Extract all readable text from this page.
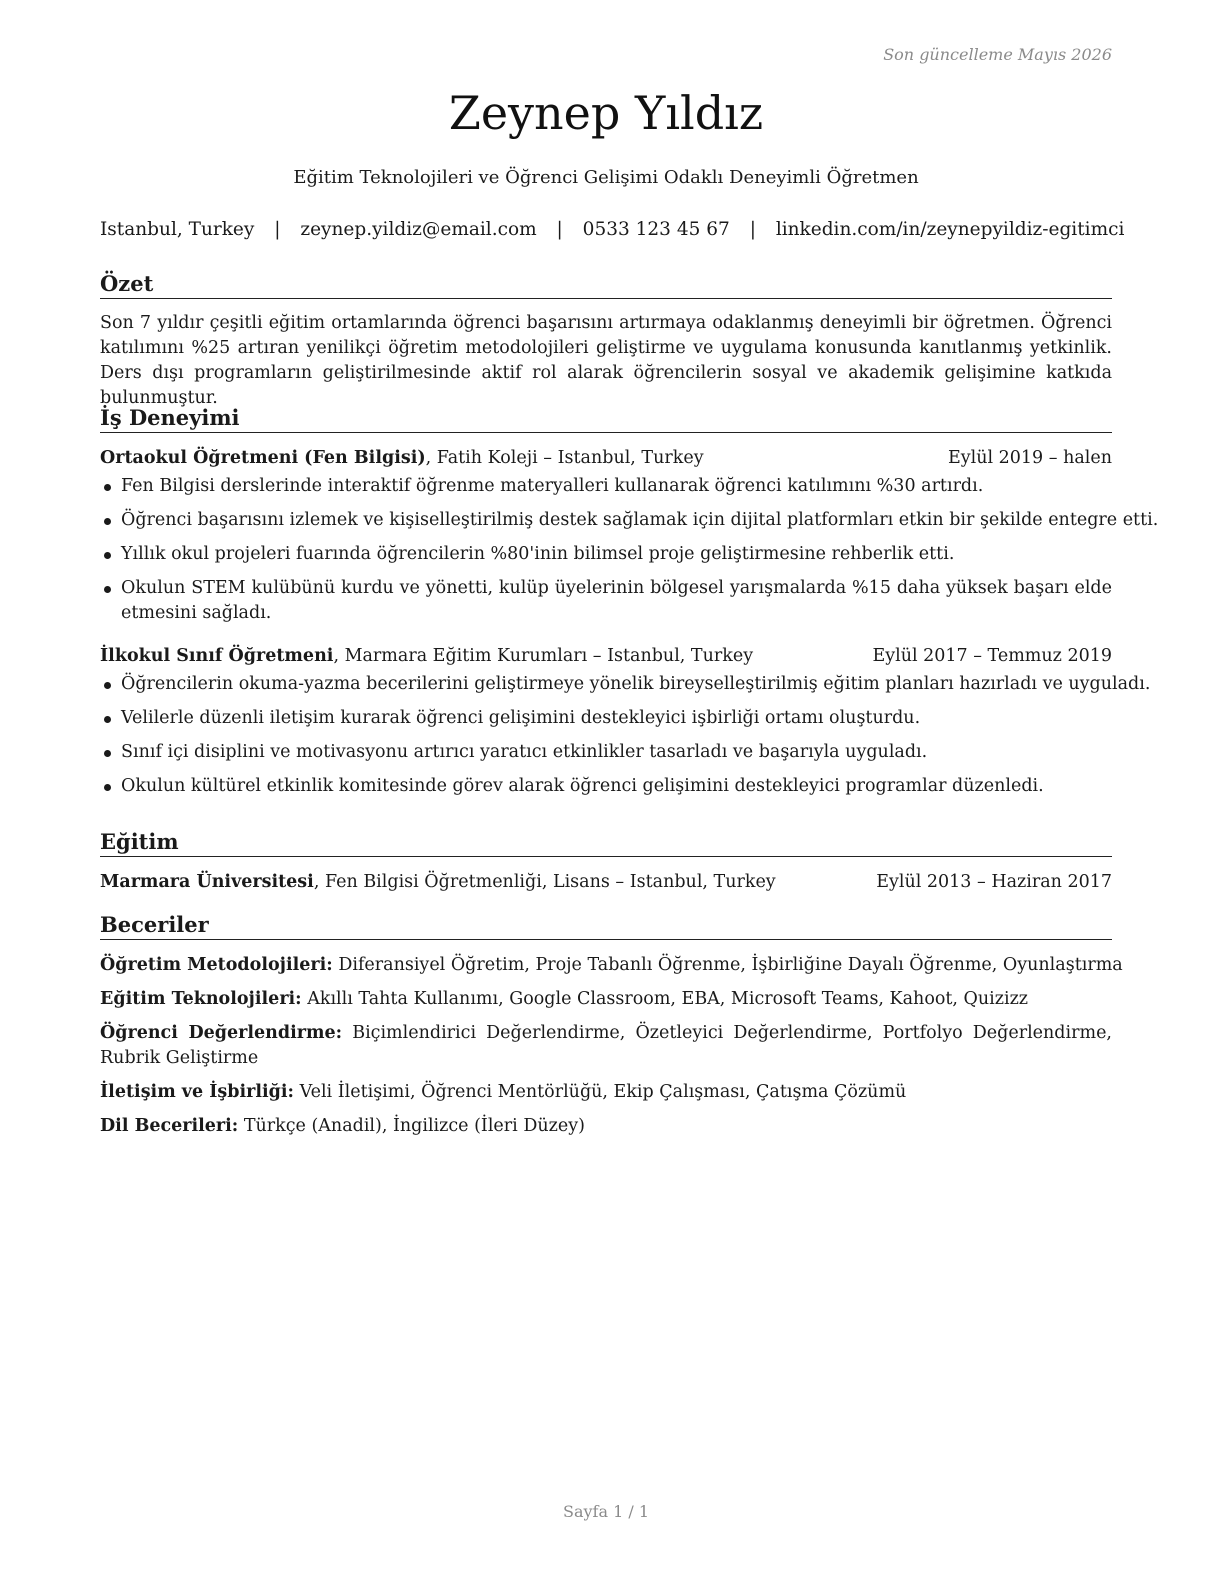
Son güncelleme Mayıs 2026
Zeynep Yıldız
Eğitim Teknolojileri ve Öğrenci Gelişimi Odaklı Deneyimli Öğretmen
Istanbul, Turkey | zeynep.yildiz@email.com | 0533 123 45 67 | linkedin.com/in/zeynepyildiz-egitimci
Özet

Son 7 yıldır çeşitli eğitim ortamlarında öğrenci başarısını artırmaya odaklanmış deneyimli bir öğretmen. Öğrenci katılımını %25 artıran yenilikçi öğretim metodolojileri geliştirme ve uygulama konusunda kanıtlanmış yetkinlik. Ders dışı programların geliştirilmesinde aktif rol alarak öğrencilerin sosyal ve akademik gelişimine katkıda bulunmuştur.

İş Deneyimi
Ortaokul Öğretmeni (Fen Bilgisi), Fatih Koleji – Istanbul, Turkey	Eylül 2019 – halen
Fen Bilgisi derslerinde interaktif öğrenme materyalleri kullanarak öğrenci katılımını %30 artırdı.
Öğrenci başarısını izlemek ve kişiselleştirilmiş destek sağlamak için dijital platformları etkin bir şekilde entegre etti.
Yıllık okul projeleri fuarında öğrencilerin %80'inin bilimsel proje geliştirmesine rehberlik etti.
Okulun STEM kulübünü kurdu ve yönetti, kulüp üyelerinin bölgesel yarışmalarda %15 daha yüksek başarı elde etmesini sağladı.
İlkokul Sınıf Öğretmeni, Marmara Eğitim Kurumları – Istanbul, Turkey	Eylül 2017 – Temmuz 2019
Öğrencilerin okuma-yazma becerilerini geliştirmeye yönelik bireyselleştirilmiş eğitim planları hazırladı ve uyguladı.
Velilerle düzenli iletişim kurarak öğrenci gelişimini destekleyici işbirliği ortamı oluşturdu.
Sınıf içi disiplini ve motivasyonu artırıcı yaratıcı etkinlikler tasarladı ve başarıyla uyguladı.
Okulun kültürel etkinlik komitesinde görev alarak öğrenci gelişimini destekleyici programlar düzenledi.
Eğitim
Marmara Üniversitesi, Fen Bilgisi Öğretmenliği, Lisans – Istanbul, Turkey	Eylül 2013 – Haziran 2017
Beceriler
Öğretim Metodolojileri: Diferansiyel Öğretim, Proje Tabanlı Öğrenme, İşbirliğine Dayalı Öğrenme, Oyunlaştırma
Eğitim Teknolojileri: Akıllı Tahta Kullanımı, Google Classroom, EBA, Microsoft Teams, Kahoot, Quizizz
Öğrenci Değerlendirme: Biçimlendirici Değerlendirme, Özetleyici Değerlendirme, Portfolyo Değerlendirme, Rubrik Geliştirme
İletişim ve İşbirliği: Veli İletişimi, Öğrenci Mentörlüğü, Ekip Çalışması, Çatışma Çözümü
Dil Becerileri: Türkçe (Anadil), İngilizce (İleri Düzey)
Sayfa 1 / 1
